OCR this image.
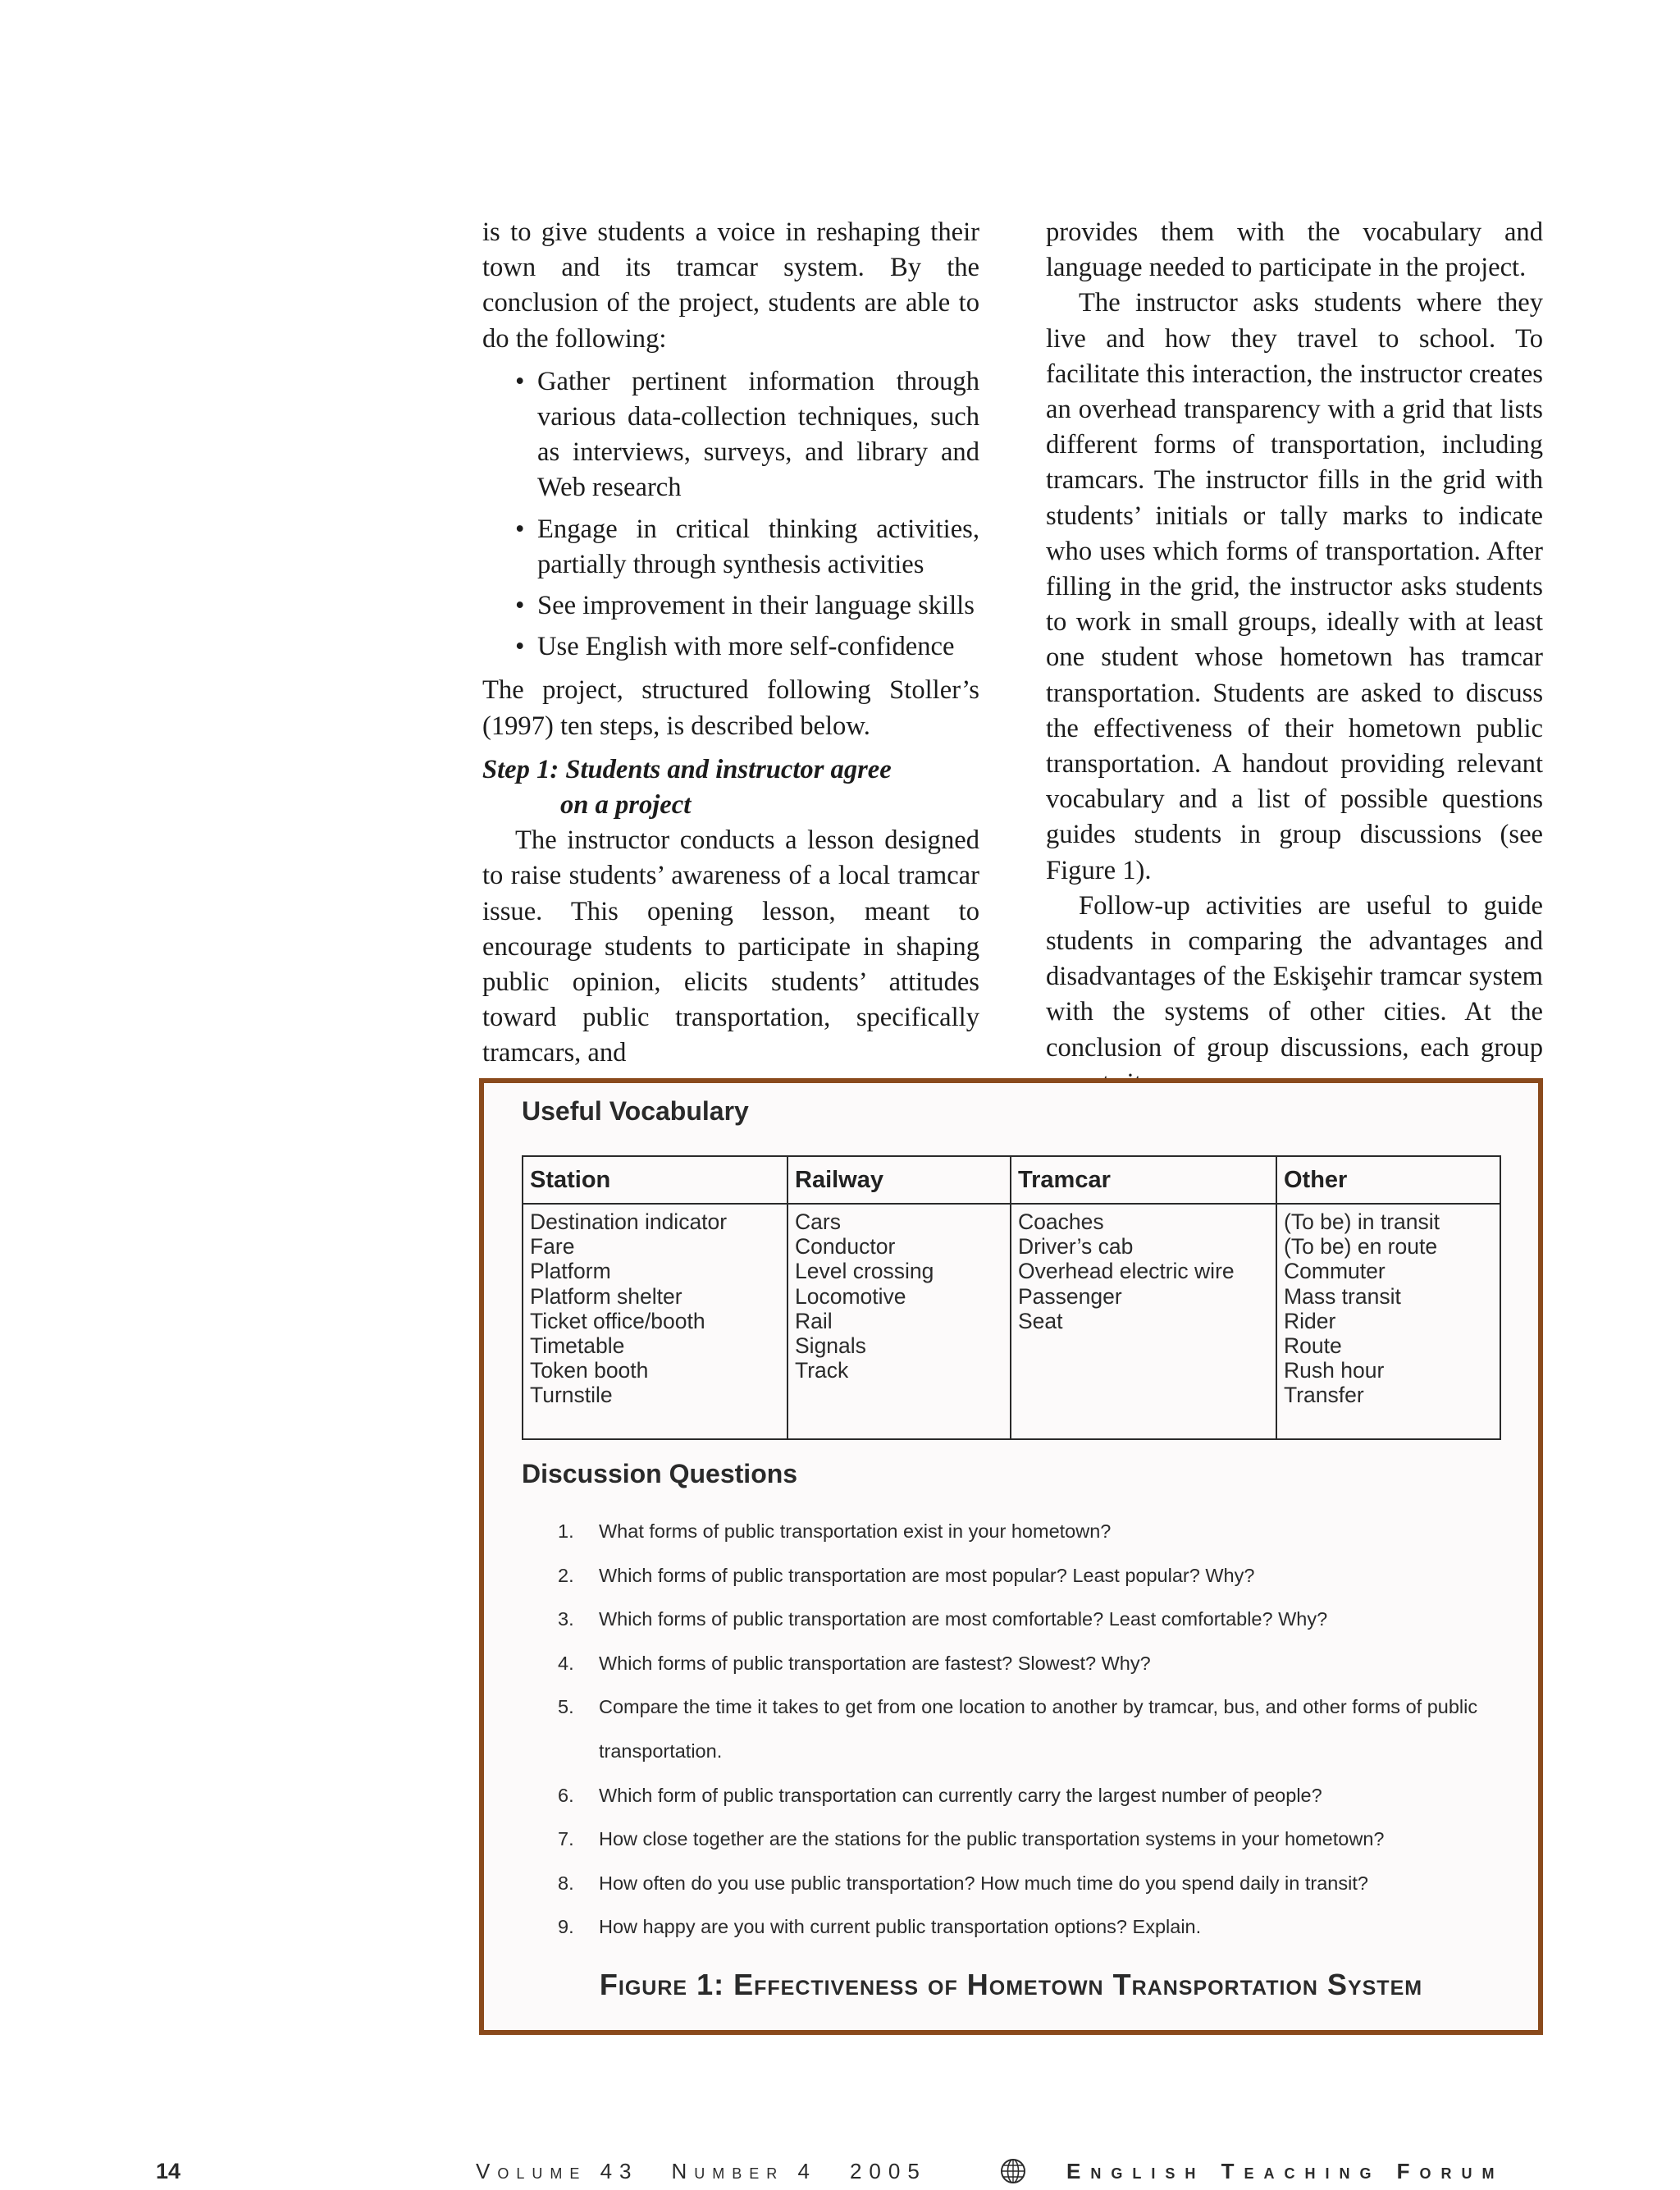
is to give students a voice in reshaping their town and its tramcar system. By the conclusion of the project, students are able to do the following:

• Gather pertinent information through various data-collection techniques, such as interviews, surveys, and library and Web research
• Engage in critical thinking activities, partially through synthesis activities
• See improvement in their language skills
• Use English with more self-confidence

The project, structured following Stoller’s (1997) ten steps, is described below.

Step 1: Students and instructor agree

on a project

The instructor conducts a lesson designed to raise students’ awareness of a local tramcar issue. This opening lesson, meant to encourage students to participate in shaping public opinion, elicits students’ attitudes toward public transportation, specifically tramcars, and

provides them with the vocabulary and language needed to participate in the project.

The instructor asks students where they live and how they travel to school. To facilitate this interaction, the instructor creates an overhead transparency with a grid that lists different forms of transportation, including tramcars. The instructor fills in the grid with students’ initials or tally marks to indicate who uses which forms of transportation. After filling in the grid, the instructor asks students to work in small groups, ideally with at least one student whose hometown has tramcar transportation. Students are asked to discuss the effectiveness of their hometown public transportation. A handout providing relevant vocabulary and a list of possible questions guides students in group discussions (see Figure 1).

Follow-up activities are useful to guide students in comparing the advantages and disadvantages of the Eskişehir tramcar system with the systems of other cities. At the conclusion of group discussions, each group

Useful Vocabulary
Station
Destination indicator
Fare
Platform
Platform shelter
Ticket office/booth
Timetable
Token booth
Turnstile
Railway
Cars
Conductor
Level crossing
Locomotive
Rail
Signals
Track
Tramcar
Coaches
Driver’s cab
Overhead electric wire
Passenger
Seat
Other
(To be) in transit
(To be) en route
Commuter
Mass transit
Rider
Route
Rush hour
Transfer
Discussion Questions
1. What forms of public transportation exist in your hometown?
2. Which forms of public transportation are most popular? Least popular? Why?
3. Which forms of public transportation are most comfortable? Least comfortable? Why?
4. Which forms of public transportation are fastest? Slowest? Why?
5. Compare the time it takes to get from one location to another by tramcar, bus, and other forms of public transportation.
6. Which form of public transportation can currently carry the largest number of people?
7. How close together are the stations for the public transportation systems in your hometown?
8. How often do you use public transportation? How much time do you spend daily in transit?
9. How happy are you with current public transportation options? Explain.
Figure 1: Effectiveness of Hometown Transportation System
14	Volume 43 Number 4 2005	English Teaching Forum
